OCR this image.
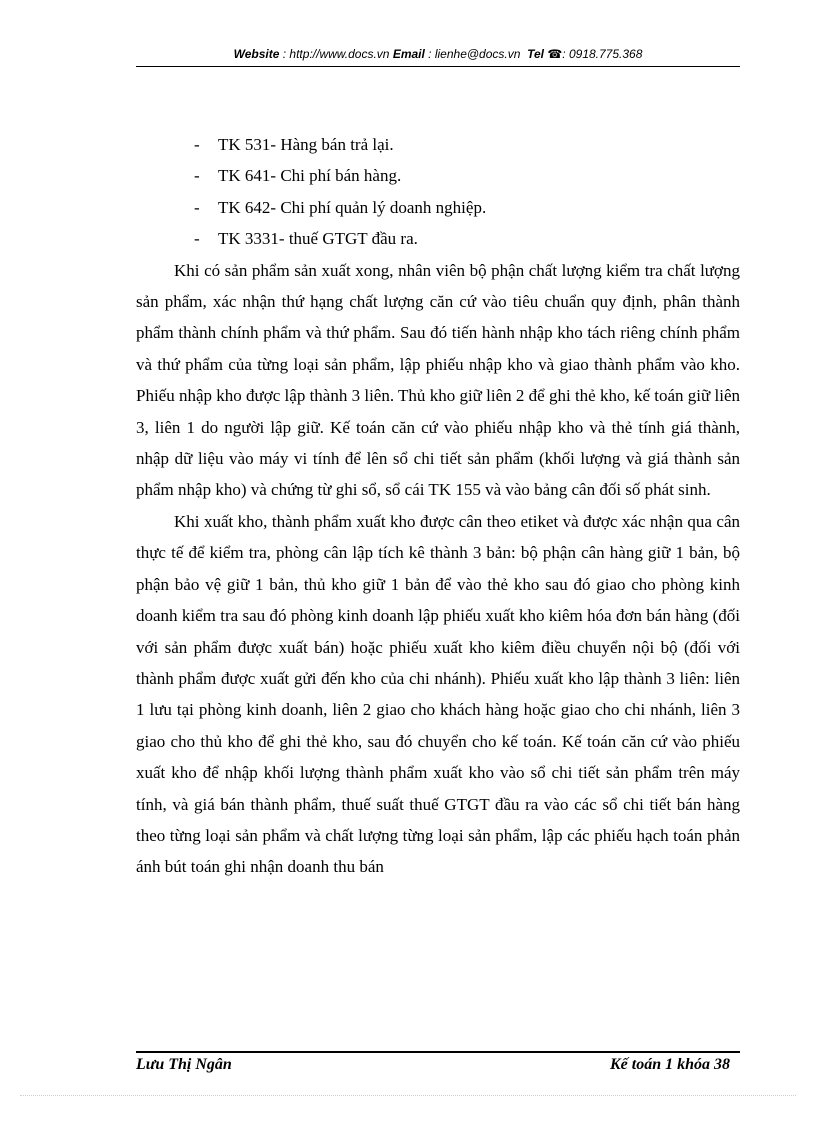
Website : http://www.docs.vn Email : lienhe@docs.vn Tel ☎: 0918.775.368
- TK 531- Hàng bán trả lại.
- TK 641- Chi phí bán hàng.
- TK 642- Chi phí quản lý doanh nghiệp.
- TK 3331- thuế GTGT đầu ra.

Khi có sản phẩm sản xuất xong, nhân viên bộ phận chất lượng kiểm tra chất lượng sản phẩm, xác nhận thứ hạng chất lượng căn cứ vào tiêu chuẩn quy định, phân thành phẩm thành chính phẩm và thứ phẩm. Sau đó tiến hành nhập kho tách riêng chính phẩm và thứ phẩm của từng loại sản phẩm, lập phiếu nhập kho và giao thành phẩm vào kho. Phiếu nhập kho được lập thành 3 liên. Thủ kho giữ liên 2 để ghi thẻ kho, kế toán giữ liên 3, liên 1 do người lập giữ. Kế toán căn cứ vào phiếu nhập kho và thẻ tính giá thành, nhập dữ liệu vào máy vi tính để lên sổ chi tiết sản phẩm (khối lượng và giá thành sản phẩm nhập kho) và chứng từ ghi sổ, sổ cái TK 155 và vào bảng cân đối số phát sinh.

Khi xuất kho, thành phẩm xuất kho được cân theo etiket và được xác nhận qua cân thực tế để kiểm tra, phòng cân lập tích kê thành 3 bản: bộ phận cân hàng giữ 1 bản, bộ phận bảo vệ giữ 1 bản, thủ kho giữ 1 bản để vào thẻ kho sau đó giao cho phòng kinh doanh kiểm tra sau đó phòng kinh doanh lập phiếu xuất kho kiêm hóa đơn bán hàng (đối với sản phẩm được xuất bán) hoặc phiếu xuất kho kiêm điều chuyển nội bộ (đối với thành phẩm được xuất gửi đến kho của chi nhánh). Phiếu xuất kho lập thành 3 liên: liên 1 lưu tại phòng kinh doanh, liên 2 giao cho khách hàng hoặc giao cho chi nhánh, liên 3 giao cho thủ kho để ghi thẻ kho, sau đó chuyển cho kế toán. Kế toán căn cứ vào phiếu xuất kho để nhập khối lượng thành phẩm xuất kho vào sổ chi tiết sản phẩm trên máy tính, và giá bán thành phẩm, thuế suất thuế GTGT đầu ra vào các sổ chi tiết bán hàng theo từng loại sản phẩm và chất lượng từng loại sản phẩm, lập các phiếu hạch toán phản ánh bút toán ghi nhận doanh thu bán

Lưu Thị Ngân	Kế toán 1 khóa 38
